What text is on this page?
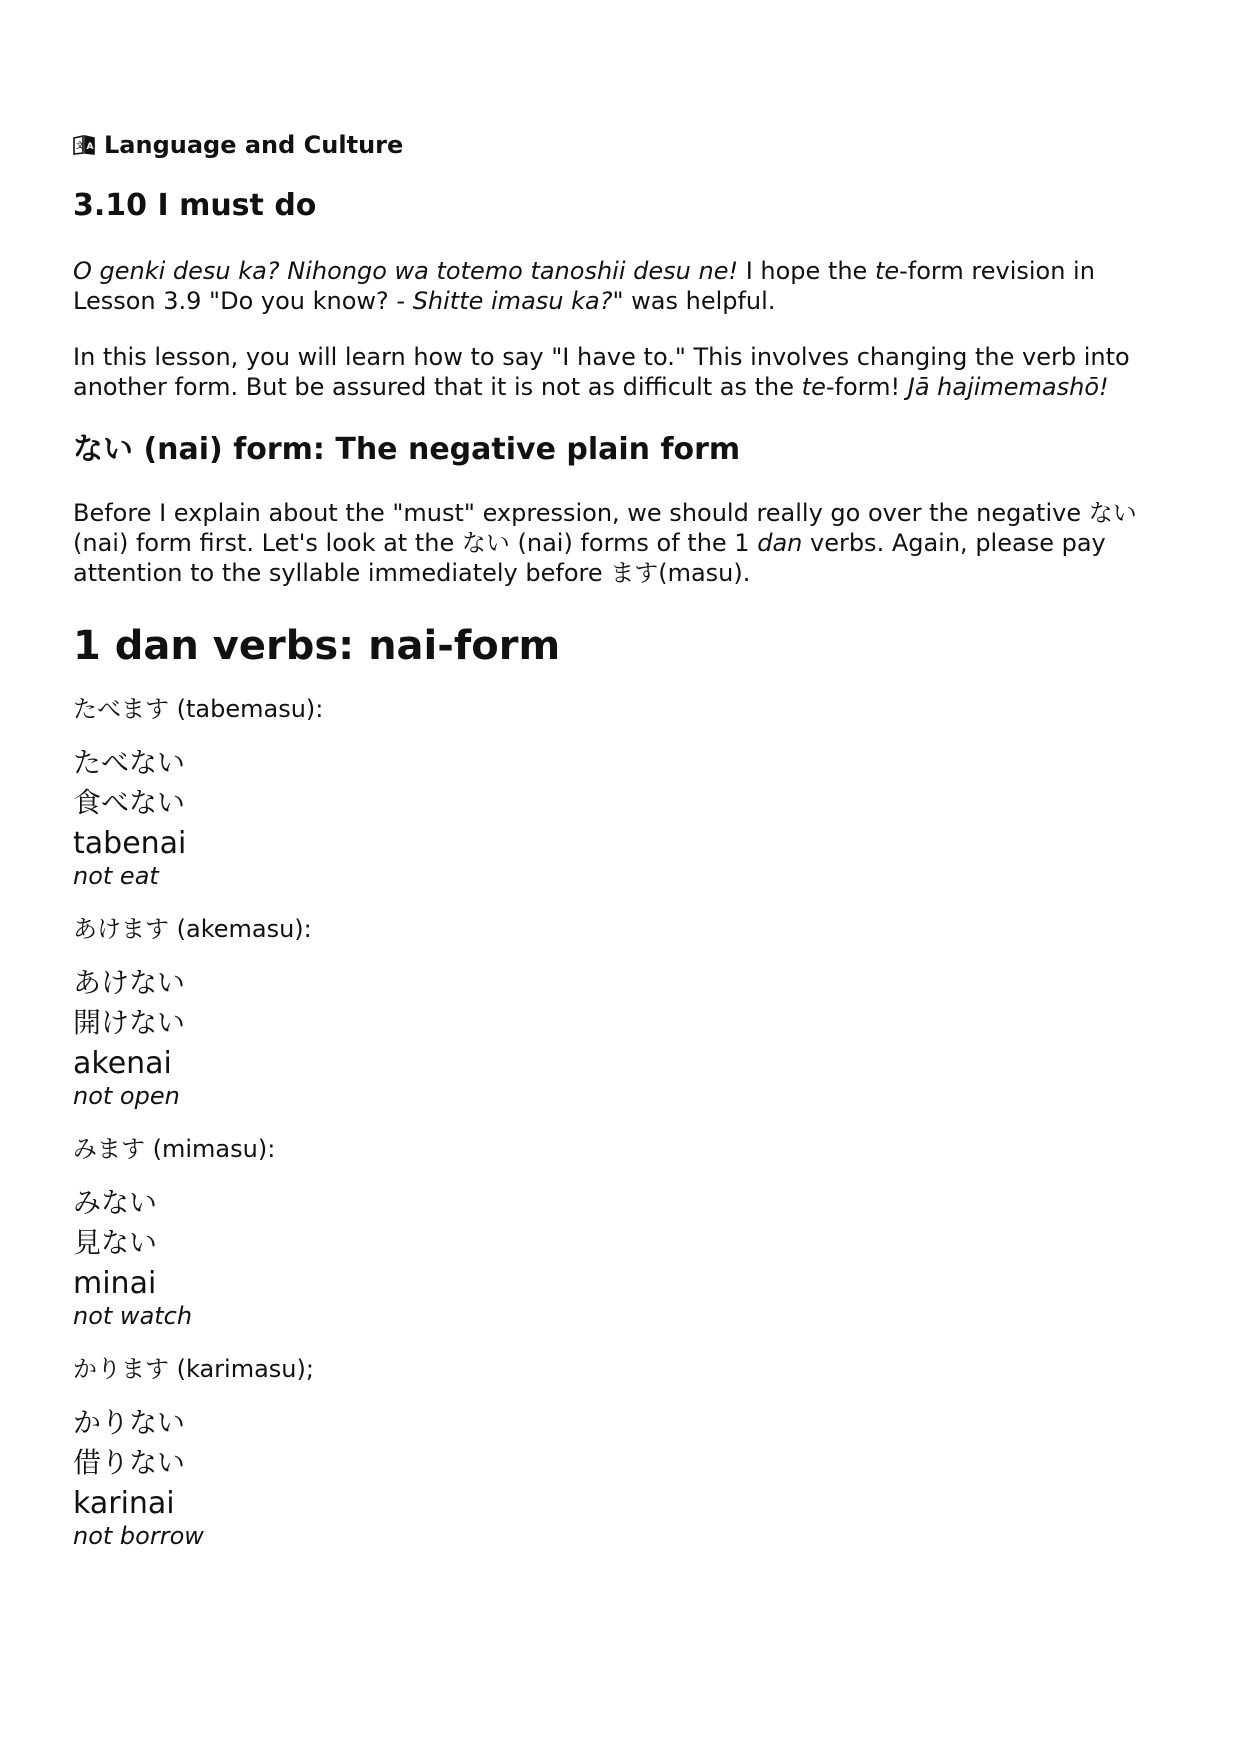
A
文 Language and Culture
3.10 I must do

O genki desu ka? Nihongo wa totemo tanoshii desu ne! I hope the te-form revision in Lesson 3.9 "Do you know? - Shitte imasu ka?" was helpful.

In this lesson, you will learn how to say "I have to." This involves changing the verb into another form. But be assured that it is not as difficult as the te-form! Jā hajimemashō!

ない (nai) form: The negative plain form

Before I explain about the "must" expression, we should really go over the negative ない (nai) form first. Let's look at the ない (nai) forms of the 1 dan verbs. Again, please pay attention to the syllable immediately before ます(masu).

1 dan verbs: nai-form
たべます (tabemasu):
たべない
食べない
tabenai
not eat
あけます (akemasu):
あけない
開けない
akenai
not open
みます (mimasu):
みない
見ない
minai
not watch
かります (karimasu);
かりない
借りない
karinai
not borrow
